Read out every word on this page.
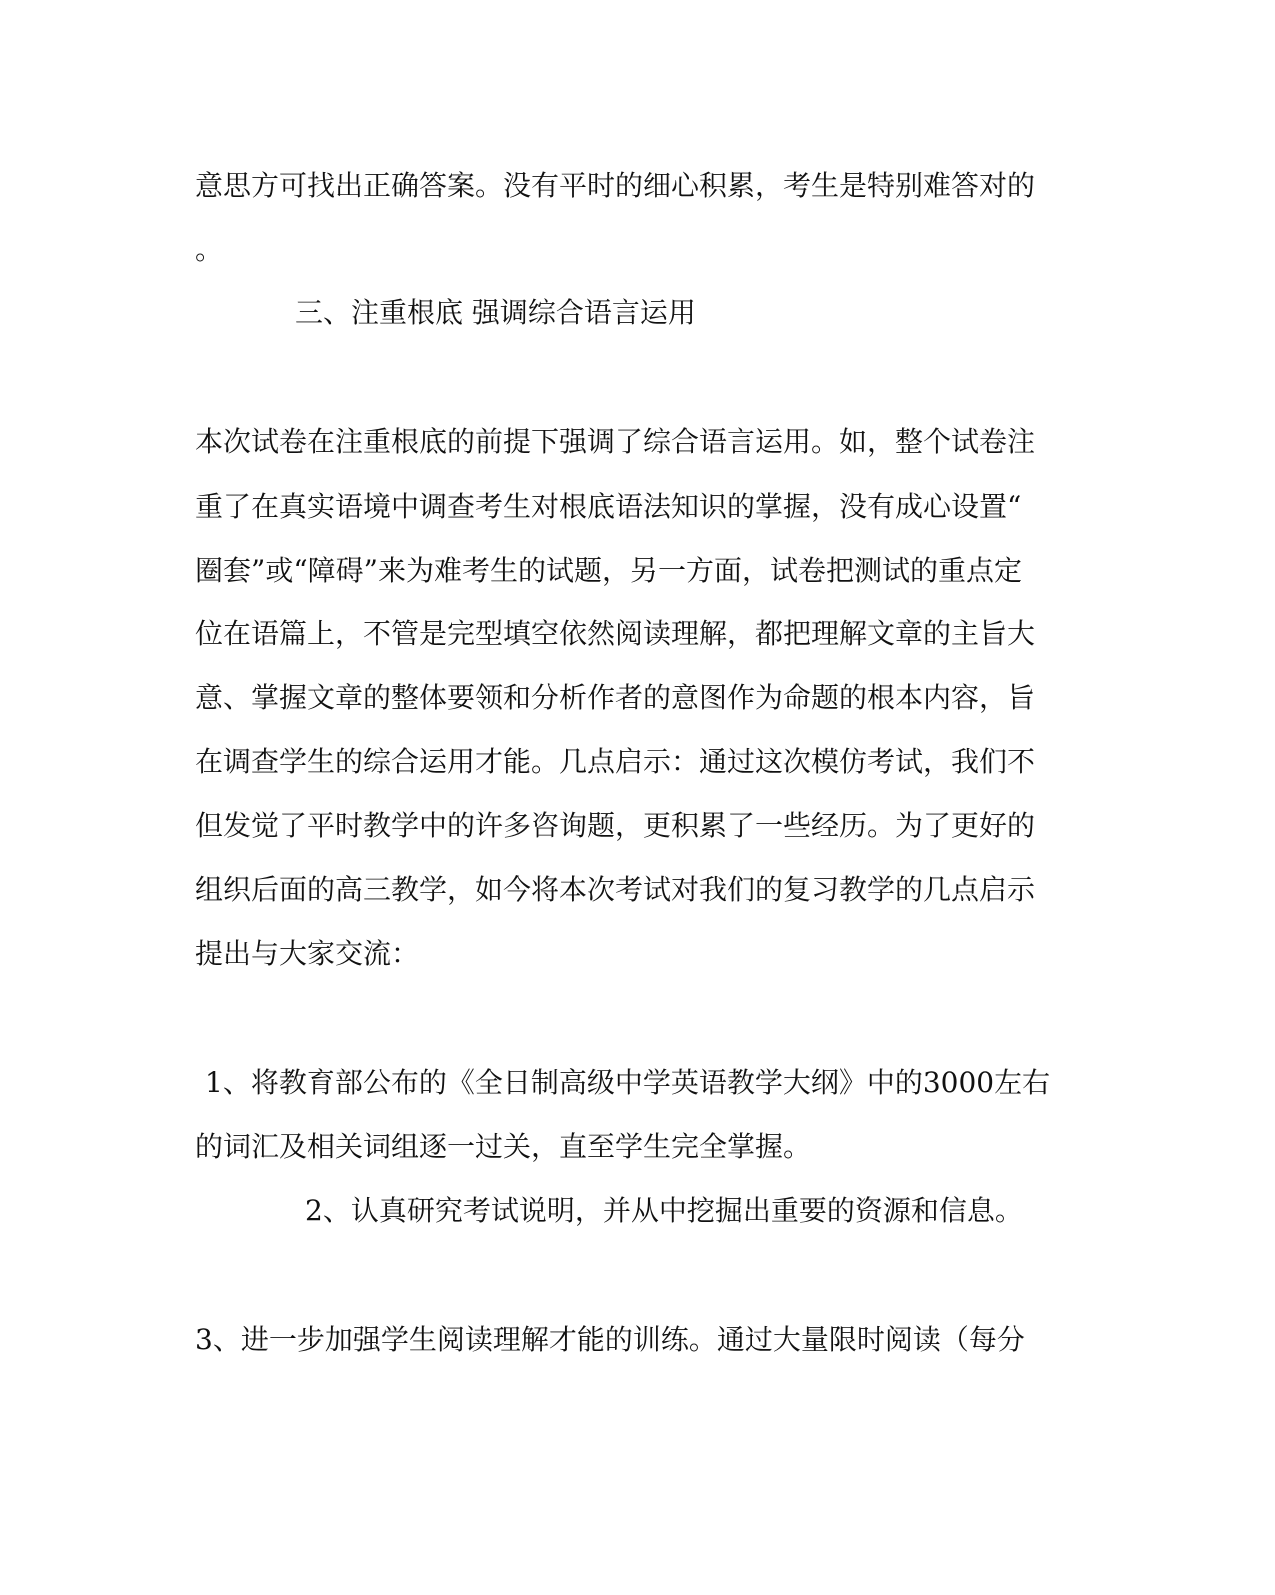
意思方可找出正确答案。没有平时的细心积累，考生是特别难答对的

。

三、注重根底 强调综合语言运用

本次试卷在注重根底的前提下强调了综合语言运用。如，整个试卷注

重了在真实语境中调查考生对根底语法知识的掌握，没有成心设置“

圈套”或“障碍”来为难考生的试题，另一方面，试卷把测试的重点定

位在语篇上，不管是完型填空依然阅读理解，都把理解文章的主旨大

意、掌握文章的整体要领和分析作者的意图作为命题的根本内容，旨

在调查学生的综合运用才能。几点启示：通过这次模仿考试，我们不

但发觉了平时教学中的许多咨询题，更积累了一些经历。为了更好的

组织后面的高三教学，如今将本次考试对我们的复习教学的几点启示

提出与大家交流：

1、将教育部公布的《全日制高级中学英语教学大纲》中的3000左右

的词汇及相关词组逐一过关，直至学生完全掌握。

2、认真研究考试说明，并从中挖掘出重要的资源和信息。

3、进一步加强学生阅读理解才能的训练。通过大量限时阅读（每分
